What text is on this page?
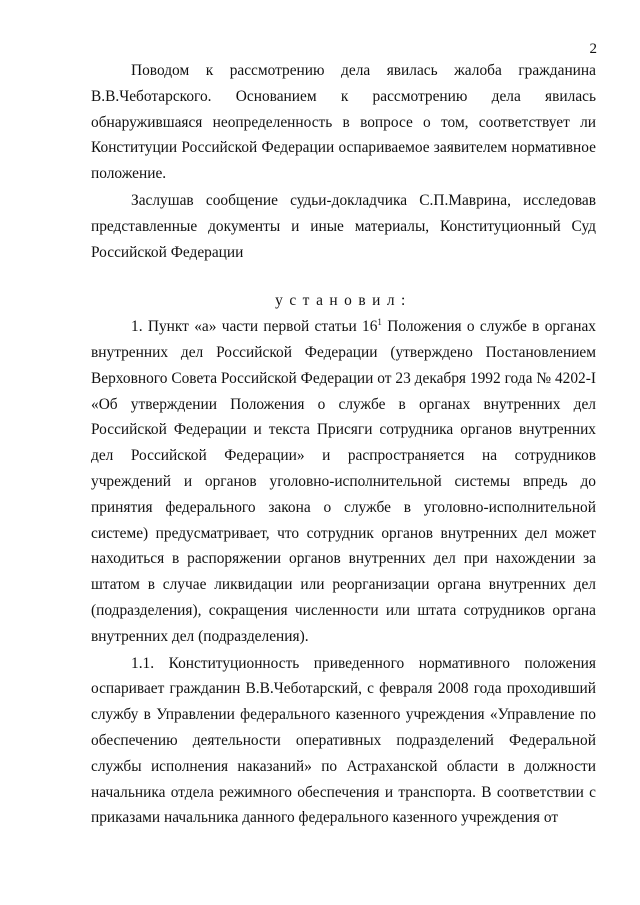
2

Поводом к рассмотрению дела явилась жалоба гражданина В.В.Чеботарского. Основанием к рассмотрению дела явилась обнаружившаяся неопределенность в вопросе о том, соответствует ли Конституции Российской Федерации оспариваемое заявителем нормативное положение.

Заслушав сообщение судьи-докладчика С.П.Маврина, исследовав представленные документы и иные материалы, Конституционный Суд Российской Федерации

установил:

1. Пункт «а» части первой статьи $16^1$ Положения о службе в органах внутренних дел Российской Федерации (утверждено Постановлением Верховного Совета Российской Федерации от 23 декабря 1992 года № 4202-I «Об утверждении Положения о службе в органах внутренних дел Российской Федерации и текста Присяги сотрудника органов внутренних дел Российской Федерации» и распространяется на сотрудников учреждений и органов уголовно-исполнительной системы впредь до принятия федерального закона о службе в уголовно-исполнительной системе) предусматривает, что сотрудник органов внутренних дел может находиться в распоряжении органов внутренних дел при нахождении за штатом в случае ликвидации или реорганизации органа внутренних дел (подразделения), сокращения численности или штата сотрудников органа внутренних дел (подразделения).

1.1. Конституционность приведенного нормативного положения оспаривает гражданин В.В.Чеботарский, с февраля 2008 года проходивший службу в Управлении федерального казенного учреждения «Управление по обеспечению деятельности оперативных подразделений Федеральной службы исполнения наказаний» по Астраханской области в должности начальника отдела режимного обеспечения и транспорта. В соответствии с приказами начальника данного федерального казенного учреждения от
